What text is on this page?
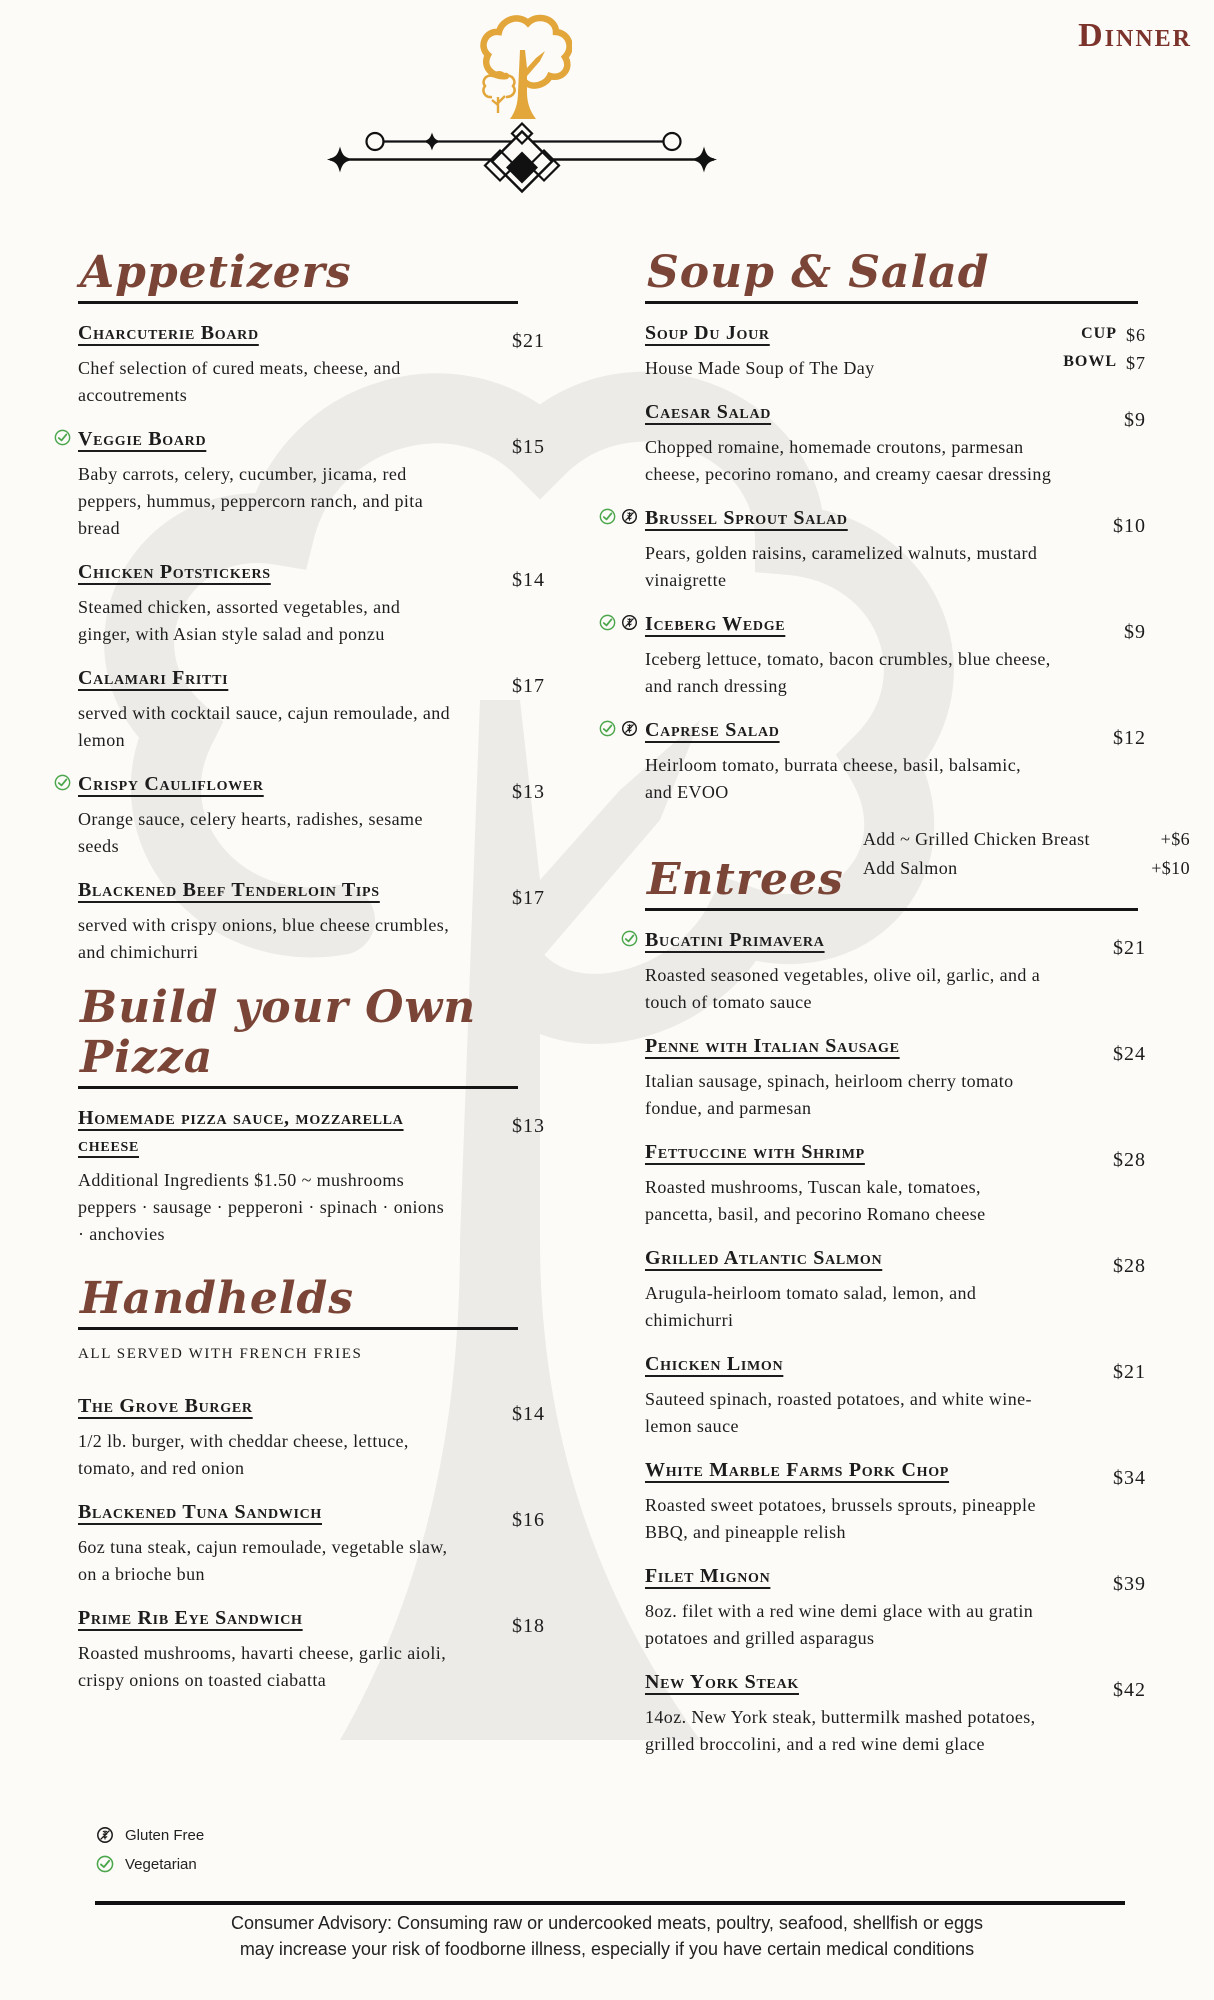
Dinner
Appetizers
Charcuterie Board

Chef selection of cured meats, cheese, and accoutrements

$21
Veggie Board

Baby carrots, celery, cucumber, jicama, red peppers, hummus, peppercorn ranch, and pita bread

$15
Chicken Potstickers

Steamed chicken, assorted vegetables, and ginger, with Asian style salad and ponzu

$14
Calamari Fritti

served with cocktail sauce, cajun remoulade, and lemon

$17
Crispy Cauliflower

Orange sauce, celery hearts, radishes, sesame seeds

$13
Blackened Beef Tenderloin Tips

served with crispy onions, blue cheese crumbles, and chimichurri

$17
Build your Own Pizza
Homemade pizza sauce, mozzarella cheese

Additional Ingredients $1.50 ~ mushrooms peppers · sausage · pepperoni · spinach · onions · anchovies

$13
Handhelds

ALL SERVED WITH FRENCH FRIES

The Grove Burger

1/2 lb. burger, with cheddar cheese, lettuce, tomato, and red onion

$14
Blackened Tuna Sandwich

6oz tuna steak, cajun remoulade, vegetable slaw, on a brioche bun

$16
Prime Rib Eye Sandwich

Roasted mushrooms, havarti cheese, garlic aioli, crispy onions on toasted ciabatta

$18
Soup & Salad
Soup Du Jour

House Made Soup of The Day

CUP $6
BOWL $7
Caesar Salad

Chopped romaine, homemade croutons, parmesan cheese, pecorino romano, and creamy caesar dressing

$9
Brussel Sprout Salad

Pears, golden raisins, caramelized walnuts, mustard vinaigrette

$10
Iceberg Wedge

Iceberg lettuce, tomato, bacon crumbles, blue cheese, and ranch dressing

$9
Caprese Salad

Heirloom tomato, burrata cheese, basil, balsamic, and EVOO

$12
Add ~ Grilled Chicken Breast	+$6
Add Salmon	+$10
Entrees
Bucatini Primavera

Roasted seasoned vegetables, olive oil, garlic, and a touch of tomato sauce

$21
Penne with Italian Sausage

Italian sausage, spinach, heirloom cherry tomato fondue, and parmesan

$24
Fettuccine with Shrimp

Roasted mushrooms, Tuscan kale, tomatoes, pancetta, basil, and pecorino Romano cheese

$28
Grilled Atlantic Salmon

Arugula-heirloom tomato salad, lemon, and chimichurri

$28
Chicken Limon

Sauteed spinach, roasted potatoes, and white wine-lemon sauce

$21
White Marble Farms Pork Chop

Roasted sweet potatoes, brussels sprouts, pineapple BBQ, and pineapple relish

$34
Filet Mignon

8oz. filet with a red wine demi glace with au gratin potatoes and grilled asparagus

$39
New York Steak

14oz. New York steak, buttermilk mashed potatoes, grilled broccolini, and a red wine demi glace

$42
Gluten Free
Vegetarian
Consumer Advisory: Consuming raw or undercooked meats, poultry, seafood, shellfish or eggs may increase your risk of foodborne illness, especially if you have certain medical conditions
